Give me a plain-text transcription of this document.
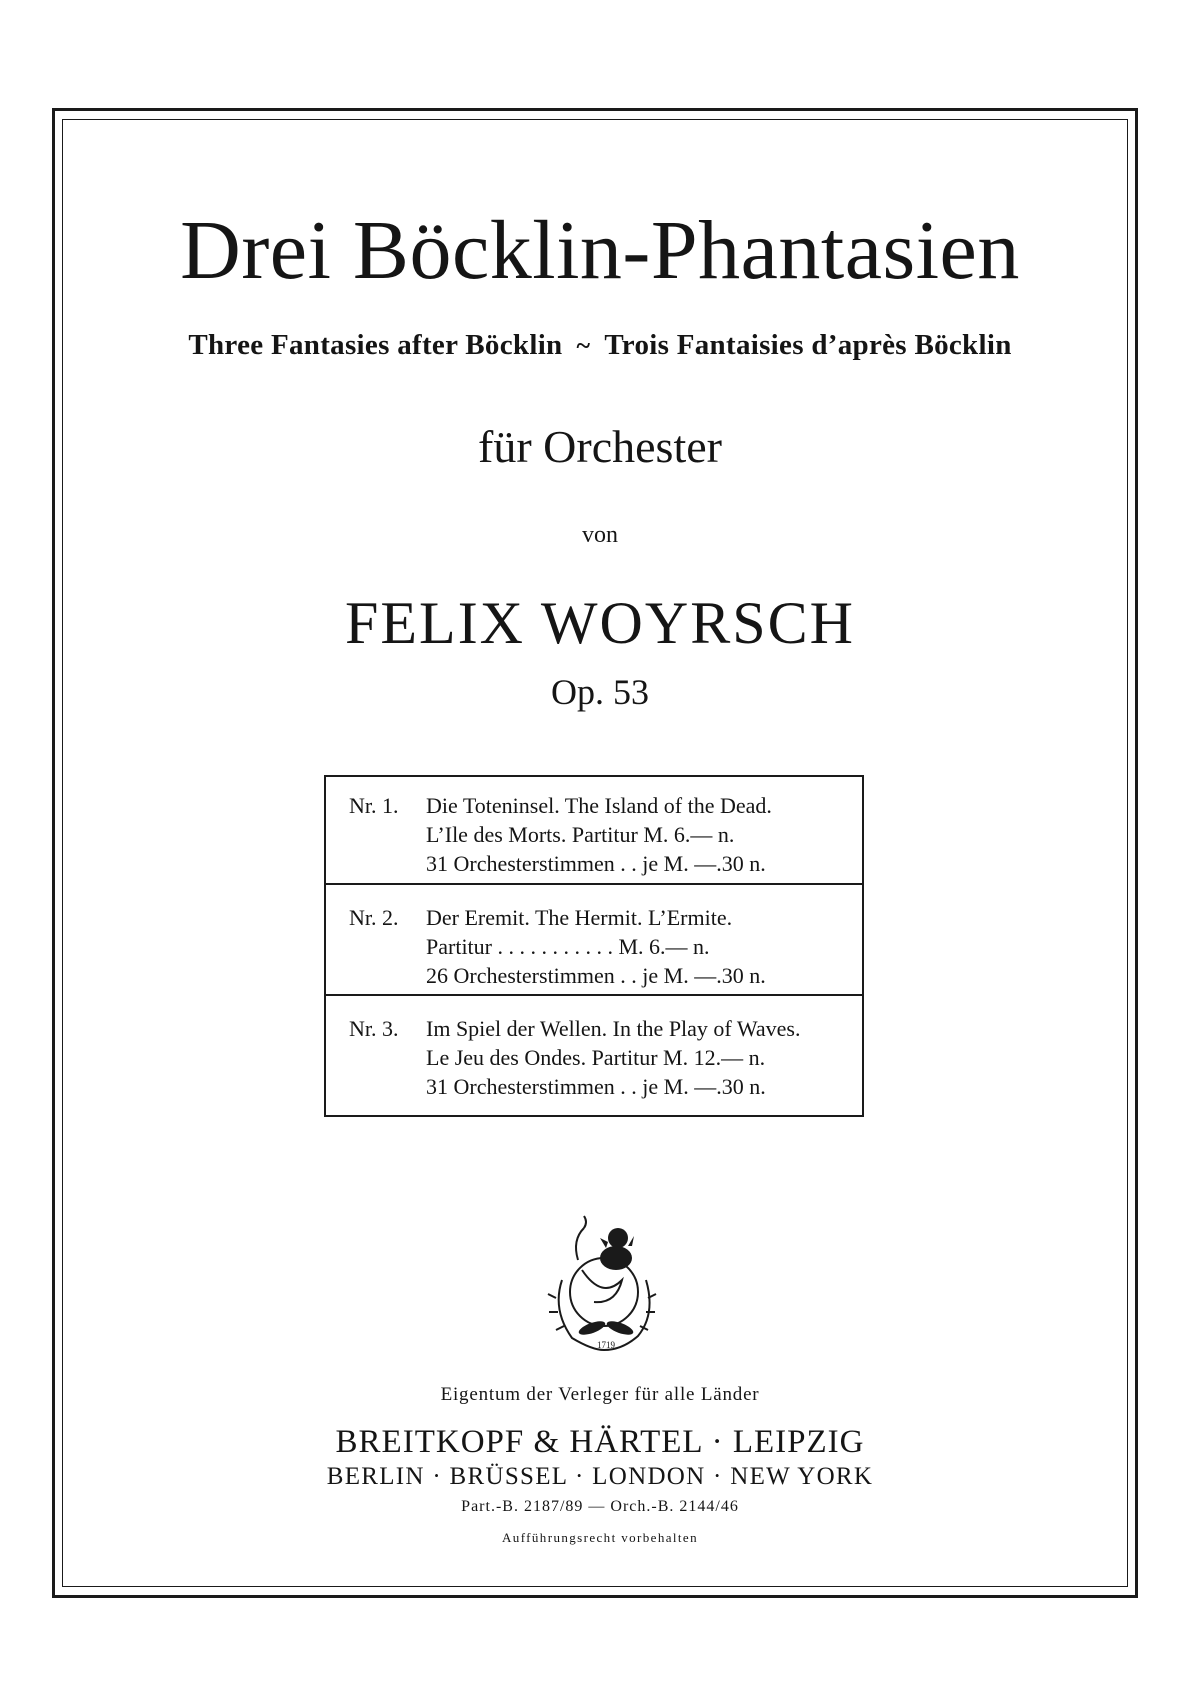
Drei Böcklin-Phantasien
Three Fantasies after Böcklin ~ Trois Fantaisies d’après Böcklin
für Orchester
von
FELIX WOYRSCH
Op. 53
Nr. 1. Die Toteninsel. The Island of the Dead.
L’Ile des Morts. Partitur M. 6.— n.
31 Orchesterstimmen . . je M. —.30 n.
Nr. 2. Der Eremit. The Hermit. L’Ermite.
Partitur . . . . . . . . . . . M. 6.— n.
26 Orchesterstimmen . . je M. —.30 n.
Nr. 3. Im Spiel der Wellen. In the Play of Waves.
Le Jeu des Ondes. Partitur M. 12.— n.
31 Orchesterstimmen . . je M. —.30 n.
1719
Eigentum der Verleger für alle Länder
BREITKOPF & HÄRTEL · LEIPZIG
BERLIN · BRÜSSEL · LONDON · NEW YORK
Part.-B. 2187/89 — Orch.-B. 2144/46
Aufführungsrecht vorbehalten
